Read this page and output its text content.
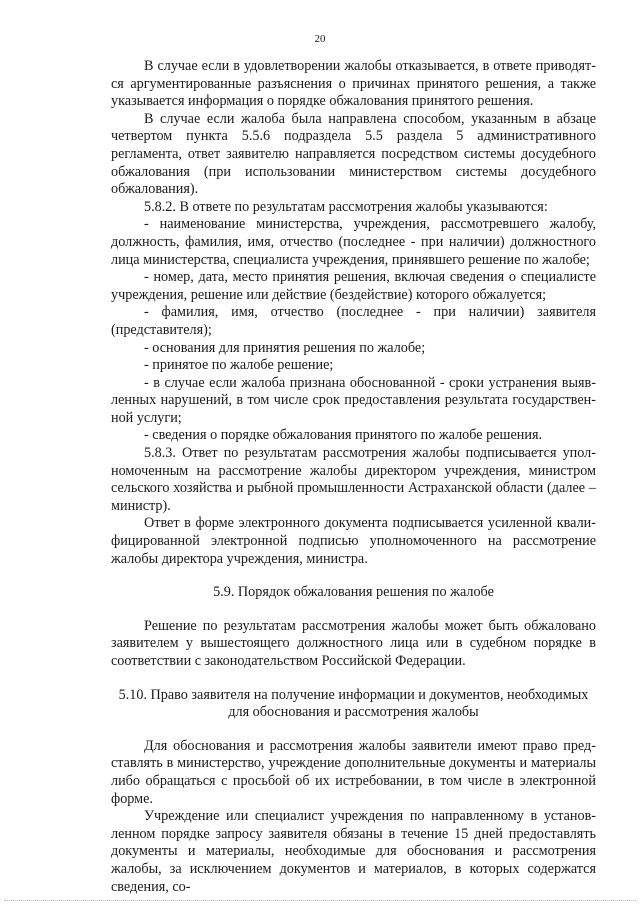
20

В случае если в удовлетворении жалобы отказывается, в ответе приводятся аргументированные разъяснения о причинах принятого решения, а также указывается информация о порядке обжалования принятого решения.

В случае если жалоба была направлена способом, указанным в абзаце четвертом пункта 5.5.6 подраздела 5.5 раздела 5 административного регламента, ответ заявителю направляется посредством системы досудебного обжалования (при использовании министерством системы досудебного обжалования).

5.8.2. В ответе по результатам рассмотрения жалобы указываются:

- наименование министерства, учреждения, рассмотревшего жалобу, должность, фамилия, имя, отчество (последнее - при наличии) должностного лица министерства, специалиста учреждения, принявшего решение по жалобе;

- номер, дата, место принятия решения, включая сведения о специалисте учреждения, решение или действие (бездействие) которого обжалуется;

- фамилия, имя, отчество (последнее - при наличии) заявителя (представителя);

- основания для принятия решения по жалобе;

- принятое по жалобе решение;

- в случае если жалоба признана обоснованной - сроки устранения выявленных нарушений, в том числе срок предоставления результата государственной услуги;

- сведения о порядке обжалования принятого по жалобе решения.

5.8.3. Ответ по результатам рассмотрения жалобы подписывается уполномоченным на рассмотрение жалобы директором учреждения, министром сельского хозяйства и рыбной промышленности Астраханской области (далее – министр).

Ответ в форме электронного документа подписывается усиленной квалифицированной электронной подписью уполномоченного на рассмотрение жалобы директора учреждения, министра.

5.9. Порядок обжалования решения по жалобе

Решение по результатам рассмотрения жалобы может быть обжаловано заявителем у вышестоящего должностного лица или в судебном порядке в соответствии с законодательством Российской Федерации.

5.10. Право заявителя на получение информации и документов, необходимых

для обоснования и рассмотрения жалобы

Для обоснования и рассмотрения жалобы заявители имеют право представлять в министерство, учреждение дополнительные документы и материалы либо обращаться с просьбой об их истребовании, в том числе в электронной форме.

Учреждение или специалист учреждения по направленному в установленном порядке запросу заявителя обязаны в течение 15 дней предоставлять документы и материалы, необходимые для обоснования и рассмотрения жалобы, за исключением документов и материалов, в которых содержатся сведения, со-
